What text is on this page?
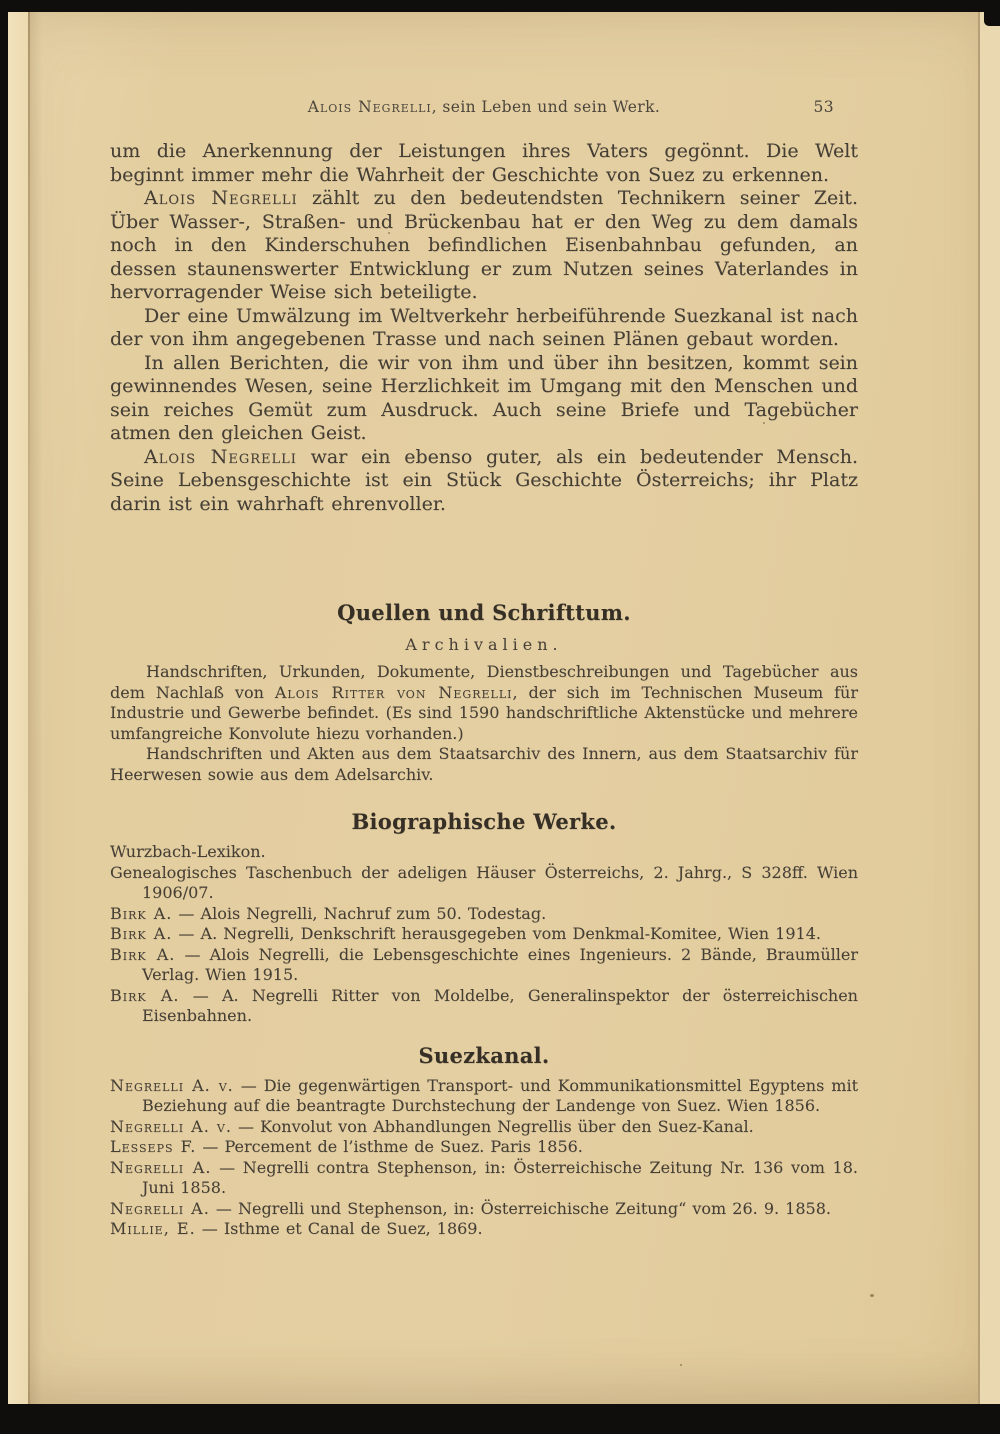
Alois Negrelli, sein Leben und sein Werk.	53

um die Anerkennung der Leistungen ihres Vaters gegönnt. Die Welt beginnt immer mehr die Wahrheit der Geschichte von Suez zu erkennen.

Alois Negrelli zählt zu den bedeutendsten Technikern seiner Zeit. Über Wasser-, Straßen- und Brückenbau hat er den Weg zu dem damals noch in den Kinderschuhen befindlichen Eisenbahnbau gefunden, an dessen staunenswerter Entwicklung er zum Nutzen seines Vaterlandes in hervorragender Weise sich beteiligte.

Der eine Umwälzung im Weltverkehr herbeiführende Suezkanal ist nach der von ihm angegebenen Trasse und nach seinen Plänen gebaut worden.

In allen Berichten, die wir von ihm und über ihn besitzen, kommt sein gewinnendes Wesen, seine Herzlichkeit im Umgang mit den Menschen und sein reiches Gemüt zum Ausdruck. Auch seine Briefe und Tagebücher atmen den gleichen Geist.

Alois Negrelli war ein ebenso guter, als ein bedeutender Mensch. Seine Lebensgeschichte ist ein Stück Geschichte Österreichs; ihr Platz darin ist ein wahrhaft ehrenvoller.

Quellen und Schrifttum.
Archivalien.

Handschriften, Urkunden, Dokumente, Dienstbeschreibungen und Tagebücher aus dem Nachlaß von Alois Ritter von Negrelli, der sich im Technischen Museum für Industrie und Gewerbe befindet. (Es sind 1590 handschriftliche Aktenstücke und mehrere umfangreiche Konvolute hiezu vorhanden.)

Handschriften und Akten aus dem Staatsarchiv des Innern, aus dem Staatsarchiv für Heerwesen sowie aus dem Adelsarchiv.

Biographische Werke.

Wurzbach-Lexikon.

Genealogisches Taschenbuch der adeligen Häuser Österreichs, 2. Jahrg., S 328ff. Wien 1906/07.

Birk A. — Alois Negrelli, Nachruf zum 50. Todestag.

Birk A. — A. Negrelli, Denkschrift herausgegeben vom Denkmal-Komitee, Wien 1914.

Birk A. — Alois Negrelli, die Lebensgeschichte eines Ingenieurs. 2 Bände, Braumüller Verlag. Wien 1915.

Birk A. — A. Negrelli Ritter von Moldelbe, Generalinspektor der österreichischen Eisenbahnen.

Suezkanal.

Negrelli A. v. — Die gegenwärtigen Transport- und Kommunikationsmittel Egyptens mit Beziehung auf die beantragte Durchstechung der Landenge von Suez. Wien 1856.

Negrelli A. v. — Konvolut von Abhandlungen Negrellis über den Suez-Kanal.

Lesseps F. — Percement de l’isthme de Suez. Paris 1856.

Negrelli A. — Negrelli contra Stephenson, in: Österreichische Zeitung Nr. 136 vom 18. Juni 1858.

Negrelli A. — Negrelli und Stephenson, in: Österreichische Zeitung“ vom 26. 9. 1858.

Millie, E. — Isthme et Canal de Suez, 1869.
